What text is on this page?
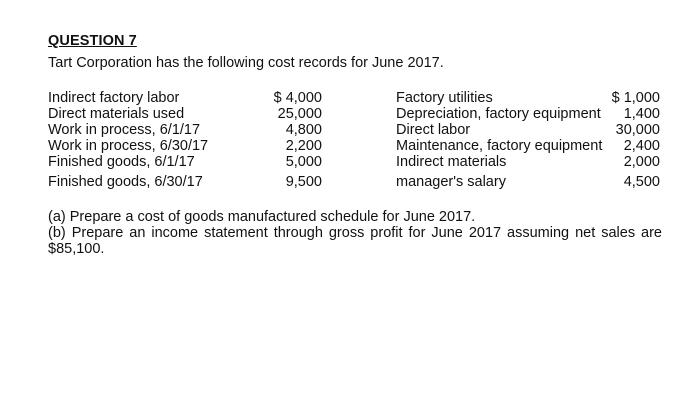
QUESTION 7
Tart Corporation has the following cost records for June 2017.
Indirect factory labor
Direct materials used
Work in process, 6/1/17
Work in process, 6/30/17
Finished goods, 6/1/17
Finished goods, 6/30/17
$ 4,000
25,000
4,800
2,200
5,000
9,500
Factory utilities
Depreciation, factory equipment
Direct labor
Maintenance, factory equipment
Indirect materials
manager's salary
$ 1,000
1,400
30,000
2,400
2,000
4,500

(a) Prepare a cost of goods manufactured schedule for June 2017.

(b) Prepare an income statement through gross profit for June 2017 assuming net sales are $85,100.
